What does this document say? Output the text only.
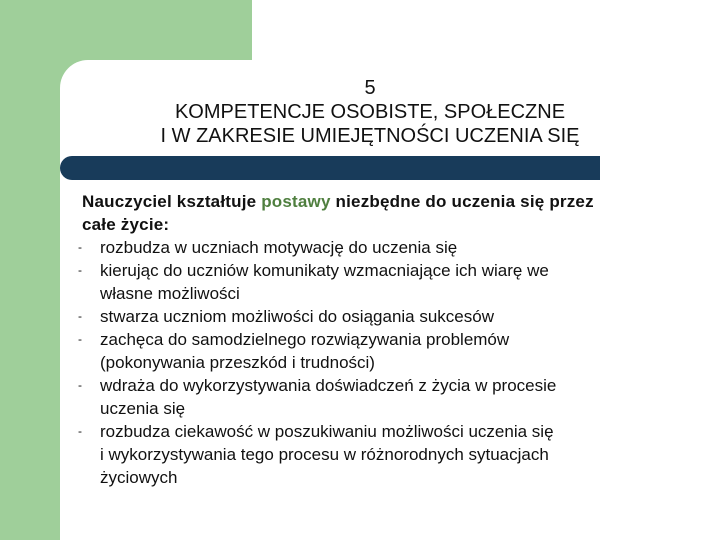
5
KOMPETENCJE OSOBISTE, SPOŁECZNE
I W ZAKRESIE UMIEJĘTNOŚCI UCZENIA SIĘ
Nauczyciel kształtuje postawy niezbędne do uczenia się przez
całe życie:
- rozbudza w uczniach motywację do uczenia się
- kierując do uczniów komunikaty wzmacniające ich wiarę we
własne możliwości
- stwarza uczniom możliwości do osiągania sukcesów
- zachęca do samodzielnego rozwiązywania problemów
(pokonywania przeszkód i trudności)
- wdraża do wykorzystywania doświadczeń z życia w procesie
uczenia się
- rozbudza ciekawość w poszukiwaniu możliwości uczenia się
i wykorzystywania tego procesu w różnorodnych sytuacjach
życiowych
